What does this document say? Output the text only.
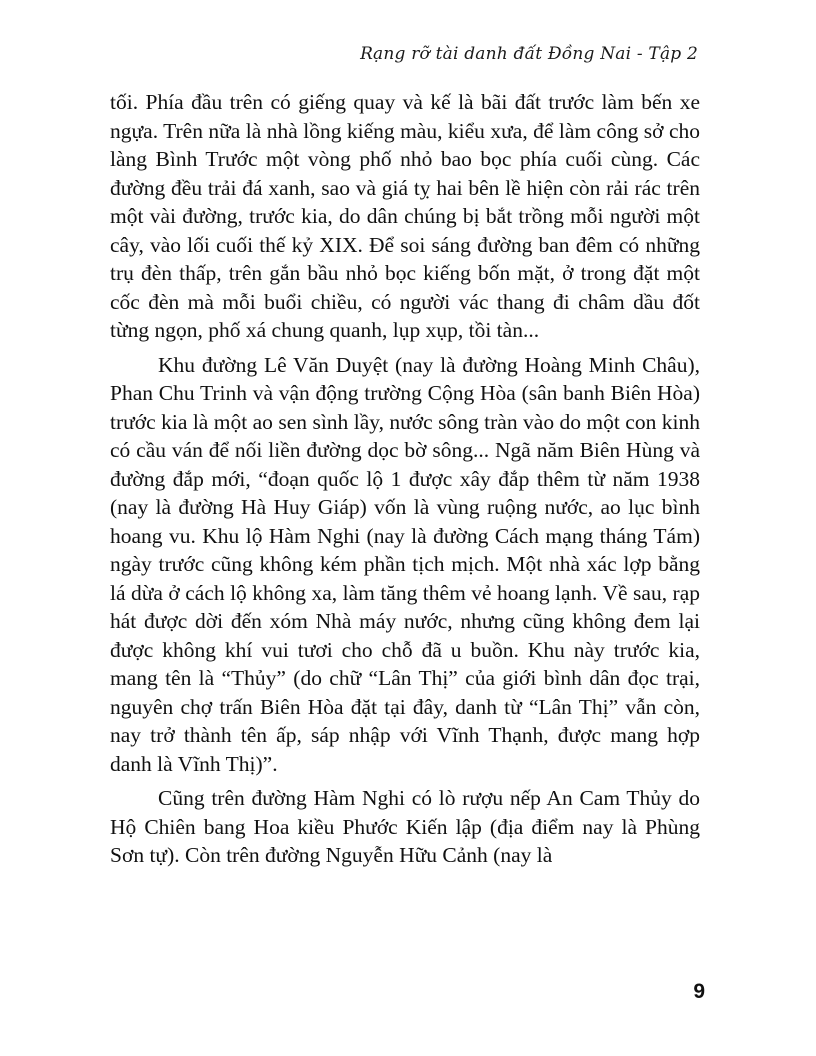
Rạng rỡ tài danh đất Đồng Nai - Tập 2

tối. Phía đầu trên có giếng quay và kế là bãi đất trước làm bến xe ngựa. Trên nữa là nhà lồng kiếng màu, kiểu xưa, để làm công sở cho làng Bình Trước một vòng phố nhỏ bao bọc phía cuối cùng. Các đường đều trải đá xanh, sao và giá tỵ hai bên lề hiện còn rải rác trên một vài đường, trước kia, do dân chúng bị bắt trồng mỗi người một cây, vào lối cuối thế kỷ XIX. Để soi sáng đường ban đêm có những trụ đèn thấp, trên gắn bầu nhỏ bọc kiếng bốn mặt, ở trong đặt một cốc đèn mà mỗi buổi chiều, có người vác thang đi châm dầu đốt từng ngọn, phố xá chung quanh, lụp xụp, tồi tàn...

Khu đường Lê Văn Duyệt (nay là đường Hoàng Minh Châu), Phan Chu Trinh và vận động trường Cộng Hòa (sân banh Biên Hòa) trước kia là một ao sen sình lầy, nước sông tràn vào do một con kinh có cầu ván để nối liền đường dọc bờ sông... Ngã năm Biên Hùng và đường đắp mới, “đoạn quốc lộ 1 được xây đắp thêm từ năm 1938 (nay là đường Hà Huy Giáp) vốn là vùng ruộng nước, ao lục bình hoang vu. Khu lộ Hàm Nghi (nay là đường Cách mạng tháng Tám) ngày trước cũng không kém phần tịch mịch. Một nhà xác lợp bằng lá dừa ở cách lộ không xa, làm tăng thêm vẻ hoang lạnh. Về sau, rạp hát được dời đến xóm Nhà máy nước, nhưng cũng không đem lại được không khí vui tươi cho chỗ đã u buồn. Khu này trước kia, mang tên là “Thủy” (do chữ “Lân Thị” của giới bình dân đọc trại, nguyên chợ trấn Biên Hòa đặt tại đây, danh từ “Lân Thị” vẫn còn, nay trở thành tên ấp, sáp nhập với Vĩnh Thạnh, được mang hợp danh là Vĩnh Thị)”.

Cũng trên đường Hàm Nghi có lò rượu nếp An Cam Thủy do Hộ Chiên bang Hoa kiều Phước Kiến lập (địa điểm nay là Phùng Sơn tự). Còn trên đường Nguyễn Hữu Cảnh (nay là

9
